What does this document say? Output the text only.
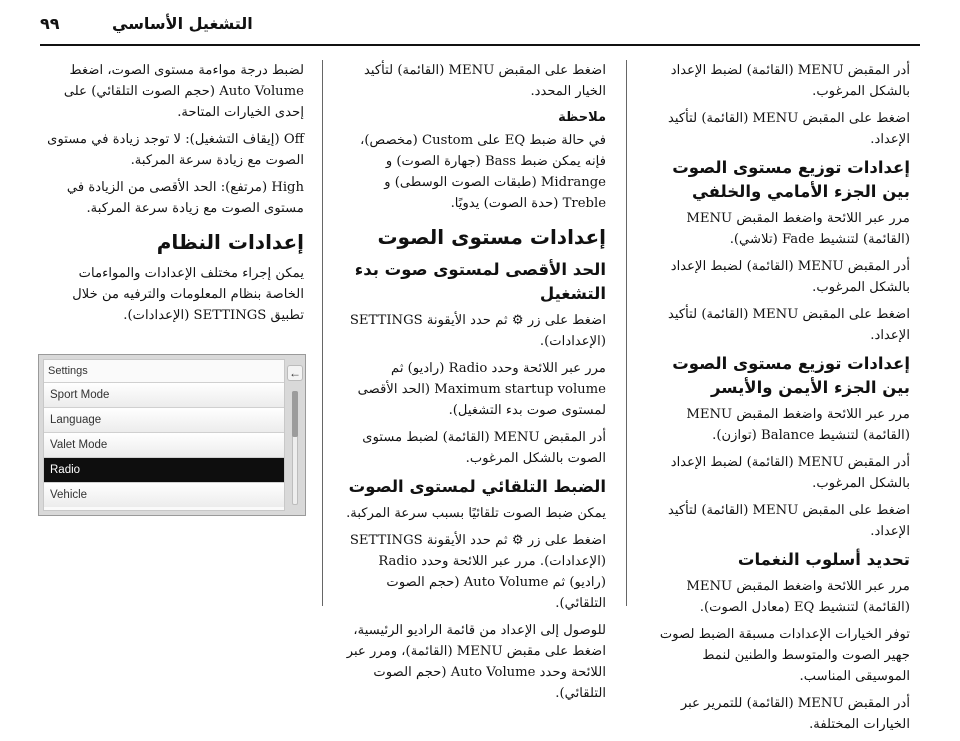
٩٩	التشغيل الأساسي

أدر المقبض MENU (القائمة) لضبط الإعداد بالشكل المرغوب.

اضغط على المقبض MENU (القائمة) لتأكيد الإعداد.

إعدادات توزيع مستوى الصوت بين الجزء الأمامي والخلفي

مرر عبر اللائحة واضغط المقبض MENU (القائمة) لتنشيط Fade (تلاشي).

أدر المقبض MENU (القائمة) لضبط الإعداد بالشكل المرغوب.

اضغط على المقبض MENU (القائمة) لتأكيد الإعداد.

إعدادات توزيع مستوى الصوت بين الجزء الأيمن والأيسر

مرر عبر اللائحة واضغط المقبض MENU (القائمة) لتنشيط Balance (توازن).

أدر المقبض MENU (القائمة) لضبط الإعداد بالشكل المرغوب.

اضغط على المقبض MENU (القائمة) لتأكيد الإعداد.

تحديد أسلوب النغمات

مرر عبر اللائحة واضغط المقبض MENU (القائمة) لتنشيط EQ (معادل الصوت).

توفر الخيارات الإعدادات مسبقة الضبط لصوت جهير الصوت والمتوسط والطنين لنمط الموسيقى المناسب.

أدر المقبض MENU (القائمة) للتمرير عبر الخيارات المختلفة.

اضغط على المقبض MENU (القائمة) لتأكيد الخيار المحدد.

ملاحظة

في حالة ضبط EQ على Custom (مخصص)، فإنه يمكن ضبط Bass (جهارة الصوت) و Midrange (طبقات الصوت الوسطى) و Treble (حدة الصوت) يدويًا.

إعدادات مستوى الصوت
الحد الأقصى لمستوى صوت بدء التشغيل

اضغط على زر ⚙ ثم حدد الأيقونة SETTINGS (الإعدادات).

مرر عبر اللائحة وحدد Radio (راديو) ثم Maximum startup volume (الحد الأقصى لمستوى صوت بدء التشغيل).

أدر المقبض MENU (القائمة) لضبط مستوى الصوت بالشكل المرغوب.

الضبط التلقائي لمستوى الصوت

يمكن ضبط الصوت تلقائيًا بسبب سرعة المركبة.

اضغط على زر ⚙ ثم حدد الأيقونة SETTINGS (الإعدادات). مرر عبر اللائحة وحدد Radio (راديو) ثم Auto Volume (حجم الصوت التلقائي).

للوصول إلى الإعداد من قائمة الراديو الرئيسية، اضغط على مقبض MENU (القائمة)، ومرر عبر اللائحة وحدد Auto Volume (حجم الصوت التلقائي).

لضبط درجة مواءمة مستوى الصوت، اضغط Auto Volume (حجم الصوت التلقائي) على إحدى الخيارات المتاحة.

Off (إيقاف التشغيل): لا توجد زيادة في مستوى الصوت مع زيادة سرعة المركبة.

High (مرتفع): الحد الأقصى من الزيادة في مستوى الصوت مع زيادة سرعة المركبة.

إعدادات النظام

يمكن إجراء مختلف الإعدادات والمواءمات الخاصة بنظام المعلومات والترفيه من خلال تطبيق SETTINGS (الإعدادات).

Settings
Sport Mode
Language
Valet Mode
Radio
Vehicle
←
